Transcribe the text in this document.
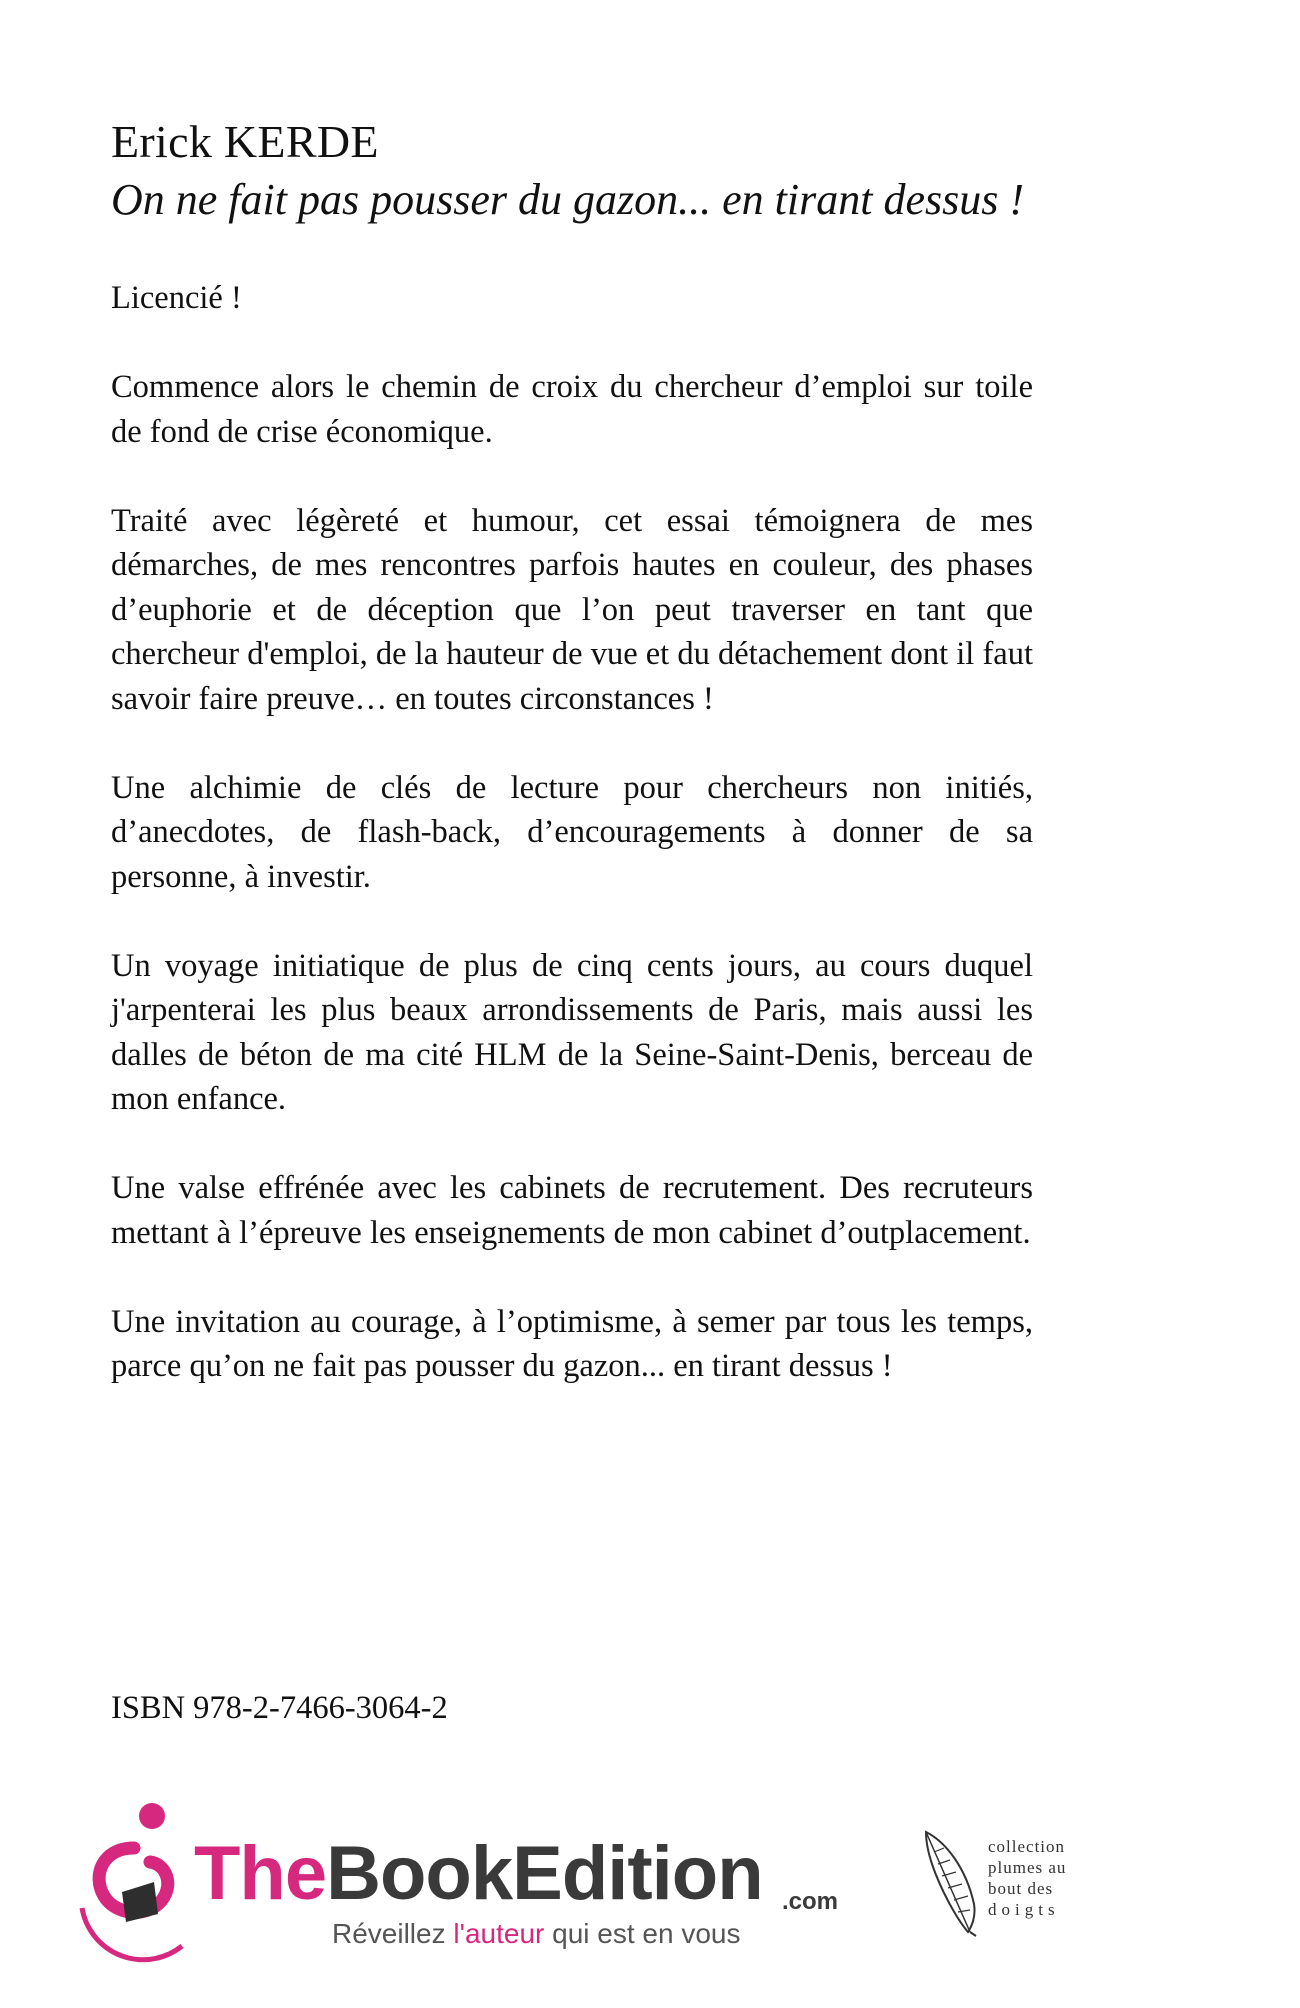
Erick KERDE
On ne fait pas pousser du gazon... en tirant dessus !

Licencié !

Commence alors le chemin de croix du chercheur d’emploi sur toile de fond de crise économique.

Traité avec légèreté et humour, cet essai témoignera de mes démarches, de mes rencontres parfois hautes en couleur, des phases d’euphorie et de déception que l’on peut traverser en tant que chercheur d'emploi, de la hauteur de vue et du détachement dont il faut savoir faire preuve… en toutes circonstances !

Une alchimie de clés de lecture pour chercheurs non initiés, d’anecdotes, de flash-back, d’encouragements à donner de sa personne, à investir.

Un voyage initiatique de plus de cinq cents jours, au cours duquel j'arpenterai les plus beaux arrondissements de Paris, mais aussi les dalles de béton de ma cité HLM de la Seine-Saint-Denis, berceau de mon enfance.

Une valse effrénée avec les cabinets de recrutement. Des recruteurs mettant à l’épreuve les enseignements de mon cabinet d’outplacement.

Une invitation au courage, à l’optimisme, à semer par tous les temps, parce qu’on ne fait pas pousser du gazon... en tirant dessus !

ISBN 978-2-7466-3064-2
TheBookEdition .com
Réveillez l'auteur qui est en vous
collection
plumes au
bout des
doigts
